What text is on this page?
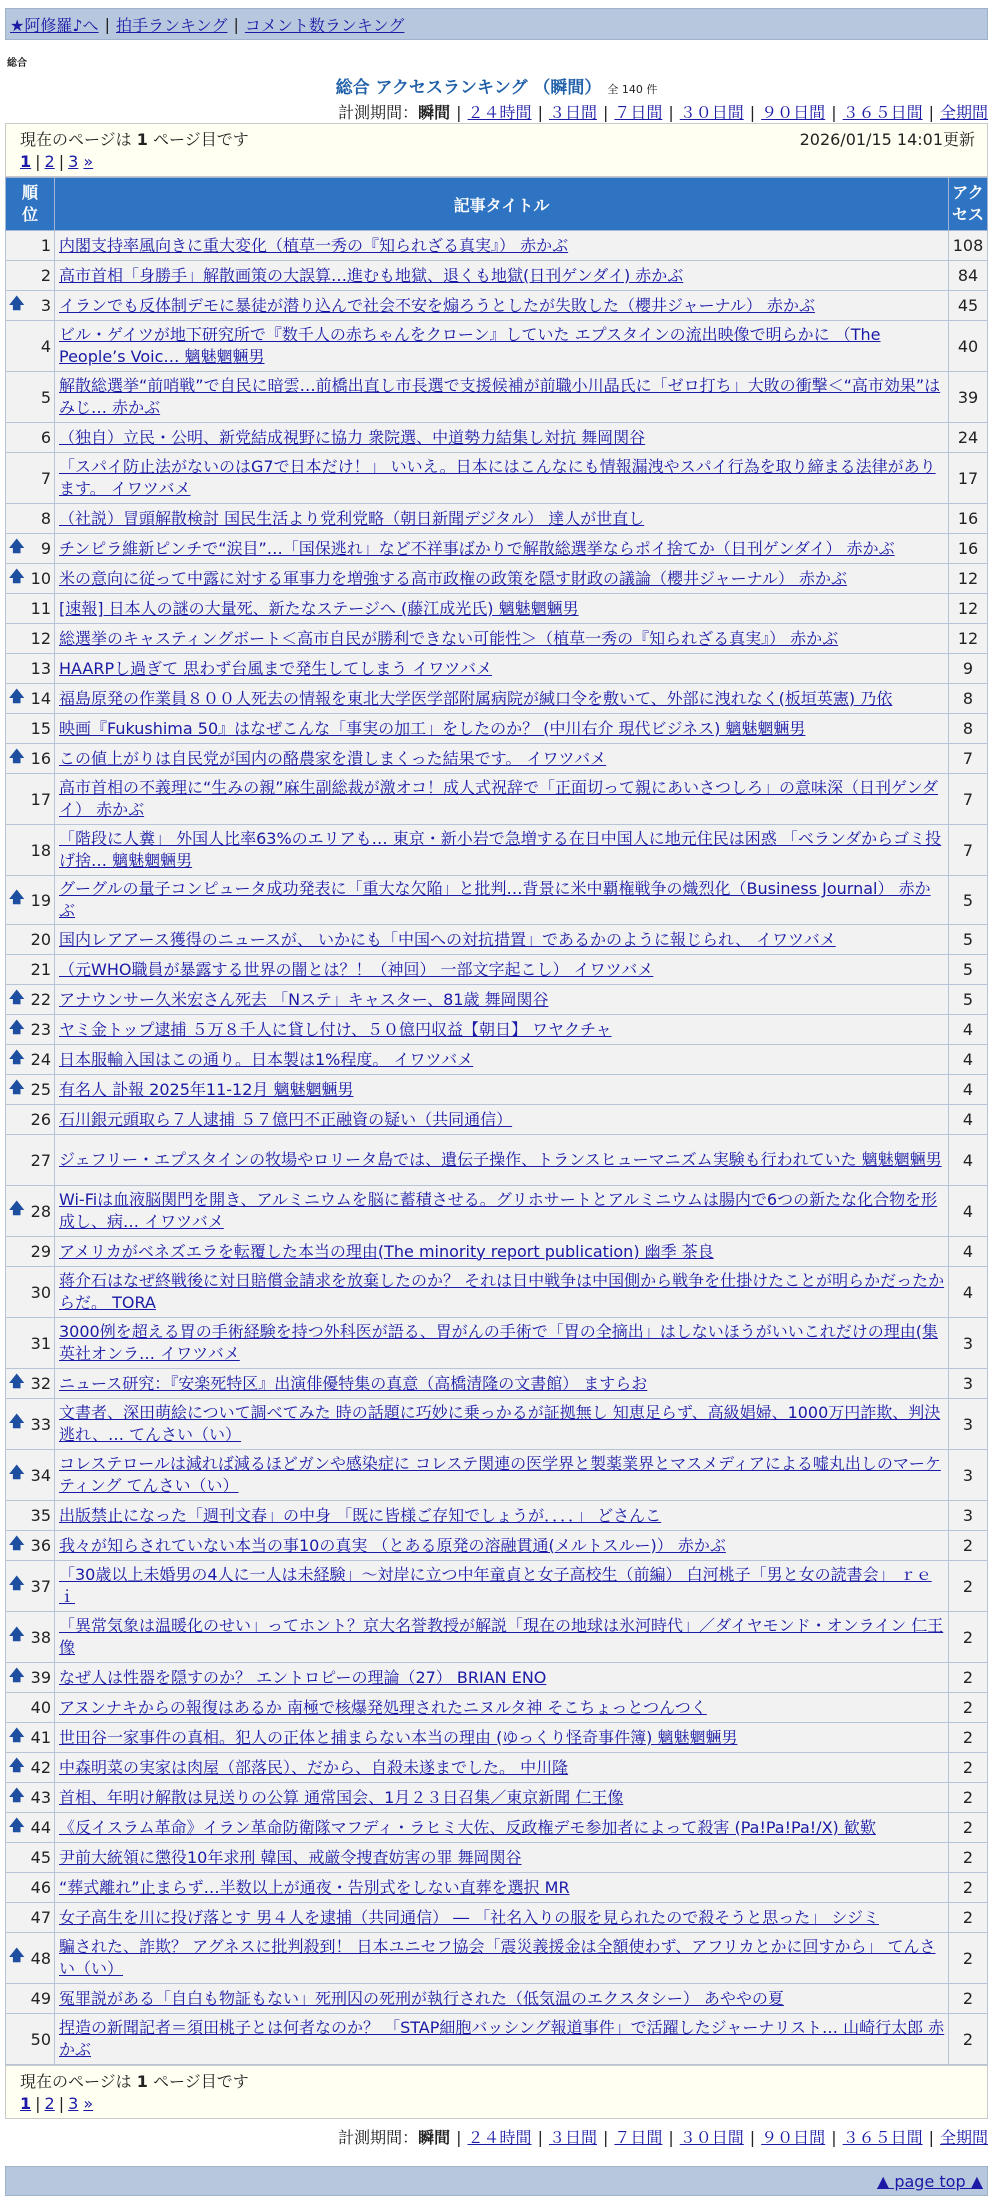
★阿修羅♪へ | 拍手ランキング | コメント数ランキング
総合
総合 アクセスランキング （瞬間） 全 140 件
計測期間：瞬間 | ２４時間 | ３日間 | ７日間 | ３０日間 | ９０日間 | ３６５日間 | 全期間
現在のページは 1 ページ目です	2026/01/15 14:01更新
1 | 2 | 3 »
順位	記事タイトル	アクセス
1	内閣支持率風向きに重大変化（植草一秀の『知られざる真実』） 赤かぶ	108
2	高市首相「身勝手」解散画策の大誤算…進むも地獄、退くも地獄(日刊ゲンダイ) 赤かぶ	84

🡅 3	イランでも反体制デモに暴徒が潜り込んで社会不安を煽ろうとしたが失敗した（櫻井ジャーナル） 赤かぶ	45
4	ビル・ゲイツが地下研究所で『数千人の赤ちゃんをクローン』していた エプスタインの流出映像で明らかに （The People’s Voic… 魑魅魍魎男	40
5	解散総選挙“前哨戦”で自民に暗雲…前橋出直し市長選で支援候補が前職小川晶氏に「ゼロ打ち」大敗の衝撃＜“高市効果”はみじ… 赤かぶ	39
6	（独自）立民・公明、新党結成視野に協力 衆院選、中道勢力結集し対抗 舞岡関谷	24
7	「スパイ防止法がないのはG7で日本だけ！」 いいえ。日本にはこんなにも情報漏洩やスパイ行為を取り締まる法律があります。 イワツバメ	17
8	（社説）冒頭解散検討 国民生活より党利党略（朝日新聞デジタル） 達人が世直し	16

🡅 9	チンピラ維新ピンチで“涙目”…「国保逃れ」など不祥事ばかりで解散総選挙ならポイ捨てか（日刊ゲンダイ） 赤かぶ	16

🡅 10	米の意向に従って中露に対する軍事力を増強する高市政権の政策を隠す財政の議論（櫻井ジャーナル） 赤かぶ	12
11	[速報] 日本人の謎の大量死、新たなステージへ (藤江成光氏) 魑魅魍魎男	12
12	総選挙のキャスティングボート＜高市自民が勝利できない可能性＞（植草一秀の『知られざる真実』） 赤かぶ	12
13	HAARPし過ぎて 思わず台風まで発生してしまう イワツバメ	9

🡅 14	福島原発の作業員８００人死去の情報を東北大学医学部附属病院が緘口令を敷いて、外部に洩れなく(板垣英憲) 乃依	8
15	映画『Fukushima 50』はなぜこんな「事実の加工」をしたのか？ (中川右介 現代ビジネス) 魑魅魍魎男	8

🡅 16	この値上がりは自民党が国内の酪農家を潰しまくった結果です。 イワツバメ	7
17	高市首相の不義理に“生みの親”麻生副総裁が激オコ！成人式祝辞で「正面切って親にあいさつしろ」の意味深（日刊ゲンダイ） 赤かぶ	7
18	「階段に人糞」 外国人比率63%のエリアも… 東京・新小岩で急増する在日中国人に地元住民は困惑 「ベランダからゴミ投げ捨… 魑魅魍魎男	7

🡅 19	グーグルの量子コンピュータ成功発表に「重大な欠陥」と批判…背景に米中覇権戦争の熾烈化（Business Journal） 赤かぶ	5
20	国内レアアース獲得のニュースが、 いかにも「中国への対抗措置」であるかのように報じられ、 イワツバメ	5
21	（元WHO職員が暴露する世界の闇とは？！（神回） 一部文字起こし） イワツバメ	5

🡅 22	アナウンサー久米宏さん死去 「Nステ」キャスター、81歳 舞岡関谷	5

🡅 23	ヤミ金トップ逮捕 ５万８千人に貸し付け、５０億円収益【朝日】 ワヤクチャ	4

🡅 24	日本服輸入国はこの通り。日本製は1%程度。 イワツバメ	4

🡅 25	有名人 訃報 2025年11-12月 魑魅魍魎男	4
26	石川銀元頭取ら７人逮捕 ５７億円不正融資の疑い（共同通信）	4
27	ジェフリー・エプスタインの牧場やロリータ島では、遺伝子操作、トランスヒューマニズム実験も行われていた 魑魅魍魎男	4

🡅 28	Wi-Fiは血液脳関門を開き、アルミニウムを脳に蓄積させる。グリホサートとアルミニウムは腸内で6つの新たな化合物を形成し、病… イワツバメ	4
29	アメリカがベネズエラを転覆した本当の理由(The minority report publication) 幽季 茶良	4
30	蒋介石はなぜ終戦後に対日賠償金請求を放棄したのか？ それは日中戦争は中国側から戦争を仕掛けたことが明らかだったからだ。 TORA	4
31	3000例を超える胃の手術経験を持つ外科医が語る、胃がんの手術で「胃の全摘出」はしないほうがいいこれだけの理由(集英社オンラ… イワツバメ	3

🡅 32	ニュース研究：『安楽死特区』出演俳優特集の真意（高橋清隆の文書館） ますらお	3

🡅 33	文書者、深田萌絵について調べてみた 時の話題に巧妙に乗っかるが証拠無し 知恵足らず、高級娼婦、1000万円詐欺、判決逃れ、… てんさい（い）	3

🡅 34	コレステロールは減れば減るほどガンや感染症に コレステ関連の医学界と製薬業界とマスメディアによる嘘丸出しのマーケティング てんさい（い）	3
35	出版禁止になった「週刊文春」の中身 「既に皆様ご存知でしょうが．．．．」 どさんこ	3

🡅 36	我々が知らされていない本当の事10の真実 （とある原発の溶融貫通(メルトスルー)） 赤かぶ	2

🡅 37	「30歳以上未婚男の4人に一人は未経験」〜対岸に立つ中年童貞と女子高校生（前編） 白河桃子「男と女の読書会」 ｒｅｉ	2

🡅 38	「異常気象は温暖化のせい」ってホント？京大名誉教授が解説「現在の地球は氷河時代」／ダイヤモンド・オンライン 仁王像	2

🡅 39	なぜ人は性器を隠すのか？ エントロピーの理論（27） BRIAN ENO	2
40	アヌンナキからの報復はあるか 南極で核爆発処理されたニヌルタ神 そこちょっとつんつく	2

🡅 41	世田谷一家事件の真相。犯人の正体と捕まらない本当の理由 (ゆっくり怪奇事件簿) 魑魅魍魎男	2

🡅 42	中森明菜の実家は肉屋（部落民）、だから、自殺未遂までした。 中川隆	2

🡅 43	首相、年明け解散は見送りの公算 通常国会、1月２３日召集／東京新聞 仁王像	2

🡅 44	《反イスラム革命》イラン革命防衛隊マフディ・ラヒミ大佐、反政権デモ参加者によって殺害 (Pa!Pa!Pa!/X) 歓歎	2
45	尹前大統領に懲役10年求刑 韓国、戒厳令捜査妨害の罪 舞岡関谷	2
46	“葬式離れ”止まらず…半数以上が通夜・告別式をしない直葬を選択 MR	2
47	女子高生を川に投げ落とす 男４人を逮捕（共同通信） ― 「社名入りの服を見られたので殺そうと思った」 シジミ	2

🡅 48	騙された、詐欺？ アグネスに批判殺到！ 日本ユニセフ協会「震災義援金は全額使わず、アフリカとかに回すから」 てんさい（い）	2
49	冤罪説がある「自白も物証もない」死刑囚の死刑が執行された（低気温のエクスタシー） あややの夏	2
50	捏造の新聞記者＝須田桃子とは何者なのか？ 「STAP細胞バッシング報道事件」で活躍したジャーナリスト… 山崎行太郎 赤かぶ	2
現在のページは 1 ページ目です
1 | 2 | 3 »
計測期間：瞬間 | ２４時間 | ３日間 | ７日間 | ３０日間 | ９０日間 | ３６５日間 | 全期間
▲ page top ▲
